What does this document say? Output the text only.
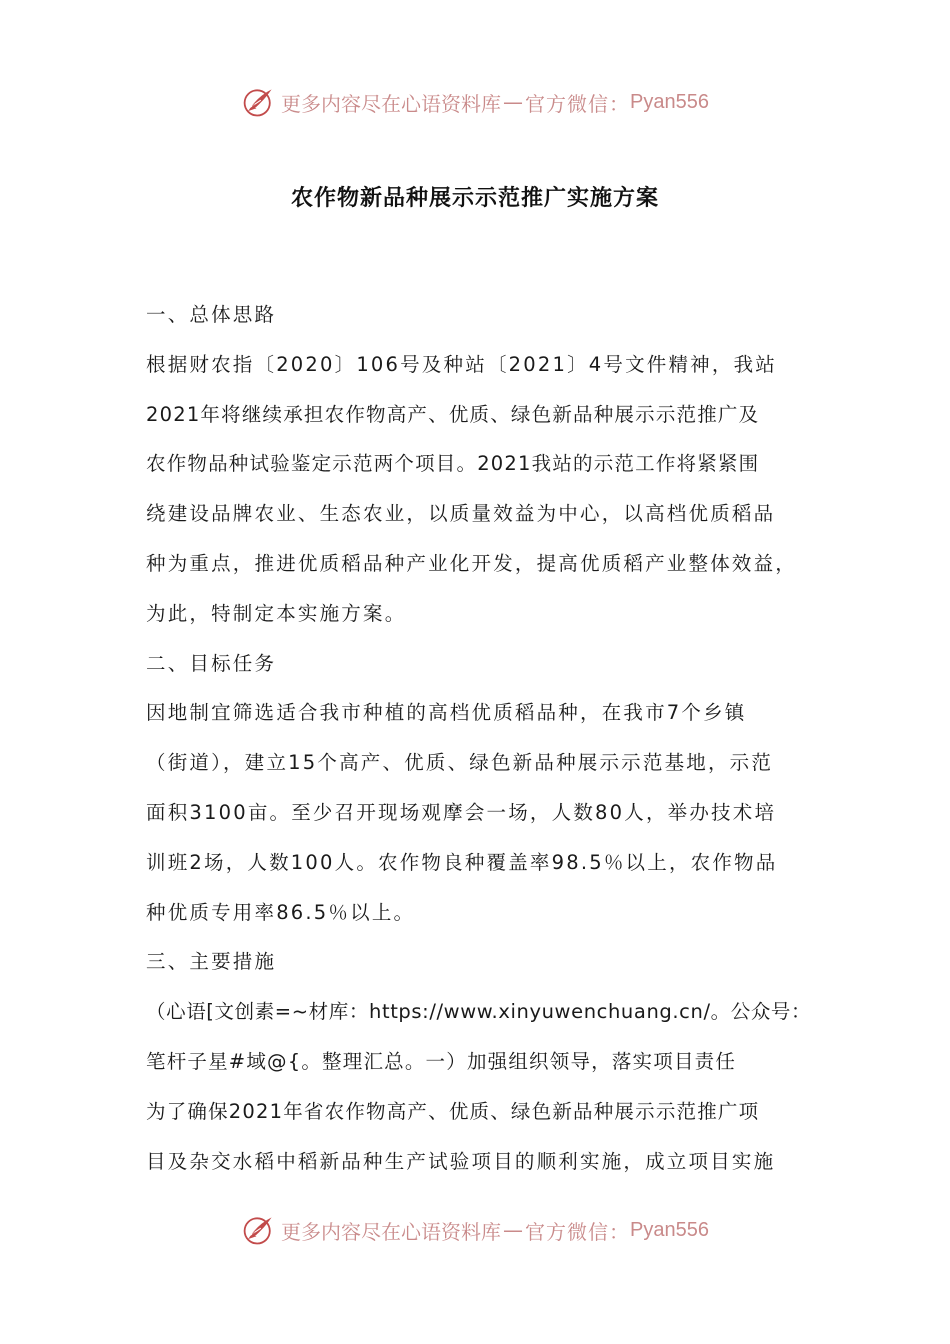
e 更多内容尽在心语资料库 — 官方微信： Pyan556
农作物新品种展示示范推广实施方案
一、总体思路
根据财农指〔2020〕106号及种站〔2021〕4号文件精神，我站
2021年将继续承担农作物高产、优质、绿色新品种展示示范推广及
农作物品种试验鉴定示范两个项目。2021我站的示范工作将紧紧围
绕建设品牌农业、生态农业，以质量效益为中心，以高档优质稻品
种为重点，推进优质稻品种产业化开发，提高优质稻产业整体效益，
为此，特制定本实施方案。
二、目标任务
因地制宜筛选适合我市种植的高档优质稻品种，在我市7个乡镇
（街道），建立15个高产、优质、绿色新品种展示示范基地，示范
面积3100亩。至少召开现场观摩会一场，人数80人，举办技术培
训班2场，人数100人。农作物良种覆盖率98.5％以上，农作物品
种优质专用率86.5％以上。
三、主要措施
（心语[文创素=~材库：https://www.xinyuwenchuang.cn/。公众号：
笔杆子星#域@{。整理汇总。一）加强组织领导，落实项目责任
为了确保2021年省农作物高产、优质、绿色新品种展示示范推广项
目及杂交水稻中稻新品种生产试验项目的顺利实施，成立项目实施
e 更多内容尽在心语资料库 — 官方微信： Pyan556
